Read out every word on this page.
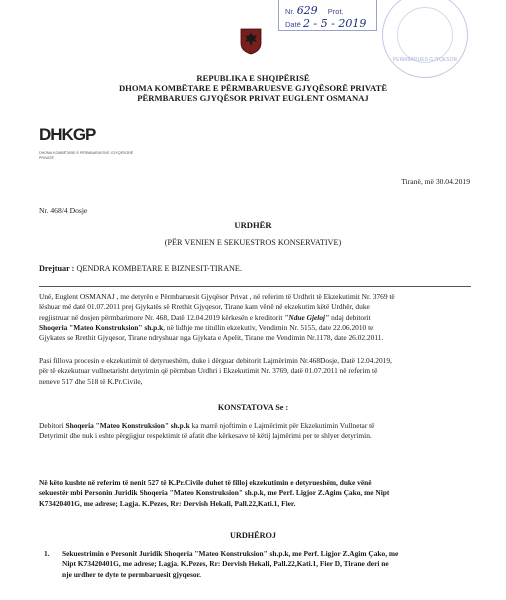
Nr. 629 Prot.
Datë 2 - 5 - 2019
PERMBARUES GJYQESOR
REPUBLIKA E SHQIPËRISË
DHOMA KOMBËTARE E PËRMBARUESVE GJYQËSORË PRIVATË
PËRMBARUES GJYQËSOR PRIVAT EUGLENT OSMANAJ
DHKGP
DHOMA KOMBËTARE E PËRMBARUESVE GJYQËSORË PRIVATË
Tiranë, më 30.04.2019
Nr. 468/4 Dosje
URDHËR
(PËR VENIEN E SEKUESTROS KONSERVATIVE)
Drejtuar : QENDRA KOMBETARE E BIZNESIT-TIRANE.
Unë, Euglent OSMANAJ , me detyrën e Përmbaruesit Gjyqësor Privat , në referim të Urdhrit të Ekzekutimit Nr. 3769 të
lëshuar më datë 01.07.2011 prej Gjykatës së Rrethit Gjyqesor, Tirane kam vënë në ekzekutim këtë Urdhër, duke
regjistruar në dosjen përmbarimore Nr. 468, Datë 12.04.2019 kërkesën e kreditorit "Ndue Gjeloj" ndaj debitorit
Shoqeria "Mateo Konstruksion" sh.p.k, në lidhje me titullin ekzekutiv, Vendimin Nr. 5155, date 22.06.2010 te
Gjykates se Rrethit Gjyqesor, Tirane ndryshuar nga Gjykata e Apelit, Tirane me Vendimin Nr.1178, date 26.02.2011.
Pasi fillova procesin e ekzekutimit të detyrueshëm, duke i dërguar debitorit Lajmërimin Nr.468Dosje, Datë 12.04.2019,
për të ekzekutuar vullnetarisht detyrimin që përmban Urdhri i Ekzekutimit Nr. 3769, datë 01.07.2011 në referim të
neneve 517 dhe 518 të K.Pr.Civile,
KONSTATOVA Se :
Debitori Shoqeria "Mateo Konstruksion" sh.p.k ka marrë njoftimin e Lajmërimit për Ekzekutimin Vullnetar të
Detyrimit dhe nuk i eshte përgjigjur respektimit të afatit dhe kërkesave të këtij lajmërimi per te shlyer detyrimin.
Në këto kushte në referim të nenit 527 të K.Pr.Civile duhet të filloj ekzekutimin e detyrueshëm, duke vënë
sekuestër mbi Personin Juridik Shoqeria "Mateo Konstruksion" sh.p.k, me Perf. Ligjor Z.Agim Çako, me Nipt
K73420401G, me adrese; Lagja. K.Pezes, Rr: Dervish Hekali, Pall.22,Kati.1, Fier.
URDHËROJ
1.	Sekuestrimin e Personit Juridik Shoqeria "Mateo Konstruksion" sh.p.k, me Perf. Ligjor Z.Agim Çako, me
Nipt K73420401G, me adrese; Lagja. K.Pezes, Rr: Dervish Hekali, Pall.22,Kati.1, Fier D, Tirane deri ne
nje urdher te dyte te permbaruesit gjyqesor.
